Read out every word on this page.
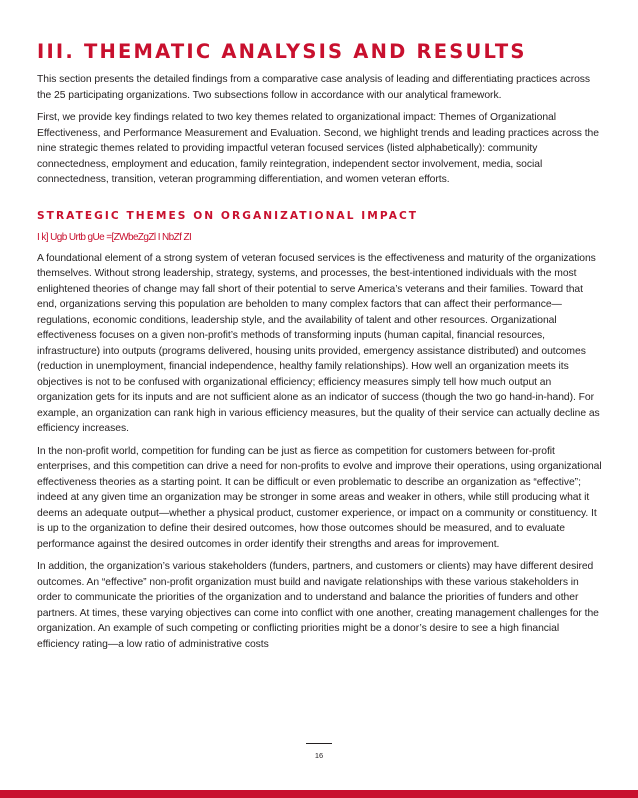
III. THEMATIC ANALYSIS AND RESULTS

This section presents the detailed findings from a comparative case analysis of leading and differentiating practices across the 25 participating organizations. Two subsections follow in accordance with our analytical framework.

First, we provide key findings related to two key themes related to organizational impact: Themes of Organizational Effectiveness, and Performance Measurement and Evaluation. Second, we highlight trends and leading practices across the nine strategic themes related to providing impactful veteran focused services (listed alphabetically): community connectedness, employment and education, family reintegration, independent sector involvement, media, social connectedness, transition, veteran programming differentiation, and women veteran efforts.

STRATEGIC THEMES ON ORGANIZATIONAL IMPACT
I k] Ugb Urtb gUe =[ZWbeZgZl I NbZf ZI

A foundational element of a strong system of veteran focused services is the effectiveness and maturity of the organizations themselves. Without strong leadership, strategy, systems, and processes, the best-intentioned individuals with the most enlightened theories of change may fall short of their potential to serve America’s veterans and their families. Toward that end, organizations serving this population are beholden to many complex factors that can affect their performance—regulations, economic conditions, leadership style, and the availability of talent and other resources. Organizational effectiveness focuses on a given non-profit’s methods of transforming inputs (human capital, financial resources, infrastructure) into outputs (programs delivered, housing units provided, emergency assistance distributed) and outcomes (reduction in unemployment, financial independence, healthy family relationships). How well an organization meets its objectives is not to be confused with organizational efficiency; efficiency measures simply tell how much output an organization gets for its inputs and are not sufficient alone as an indicator of success (though the two go hand-in-hand). For example, an organization can rank high in various efficiency measures, but the quality of their service can actually decline as efficiency increases.

In the non-profit world, competition for funding can be just as fierce as competition for customers between for-profit enterprises, and this competition can drive a need for non-profits to evolve and improve their operations, using organizational effectiveness theories as a starting point. It can be difficult or even problematic to describe an organization as “effective”; indeed at any given time an organization may be stronger in some areas and weaker in others, while still producing what it deems an adequate output—whether a physical product, customer experience, or impact on a community or constituency. It is up to the organization to define their desired outcomes, how those outcomes should be measured, and to evaluate performance against the desired outcomes in order identify their strengths and areas for improvement.

In addition, the organization’s various stakeholders (funders, partners, and customers or clients) may have different desired outcomes. An “effective” non-profit organization must build and navigate relationships with these various stakeholders in order to communicate the priorities of the organization and to understand and balance the priorities of funders and other partners. At times, these varying objectives can come into conflict with one another, creating management challenges for the organization. An example of such competing or conflicting priorities might be a donor’s desire to see a high financial efficiency rating—a low ratio of administrative costs

16
